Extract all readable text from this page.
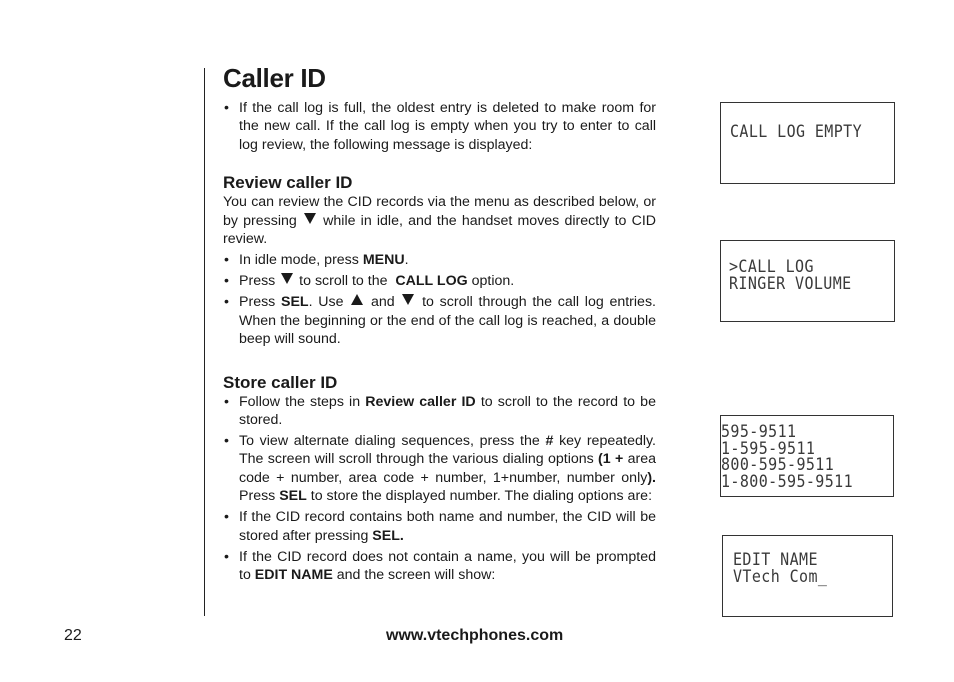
Caller ID
• If the call log is full, the oldest entry is deleted to make room for the new call. If the call log is empty when you try to enter to call log review, the following message is displayed:
Review caller ID

You can review the CID records via the menu as described below, or by pressing while in idle, and the handset moves directly to CID review.

• In idle mode, press MENU.
• Press to scroll to the CALL LOG option.
• Press SEL. Use and to scroll through the call log entries. When the beginning or the end of the call log is reached, a double beep will sound.
Store caller ID
• Follow the steps in Review caller ID to scroll to the record to be stored.
• To view alternate dialing sequences, press the # key repeatedly. The screen will scroll through the various dialing options (1 + area code + number, area code + number, 1+number, number only). Press SEL to store the displayed number. The dialing options are:
• If the CID record contains both name and number, the CID will be stored after pressing SEL.
• If the CID record does not contain a name, you will be prompted to EDIT NAME and the screen will show:
CALL LOG EMPTY
>CALL LOG
RINGER VOLUME
595-9511
1-595-9511
800-595-9511
1-800-595-9511
EDIT NAME
VTech Com_
22	www.vtechphones.com
